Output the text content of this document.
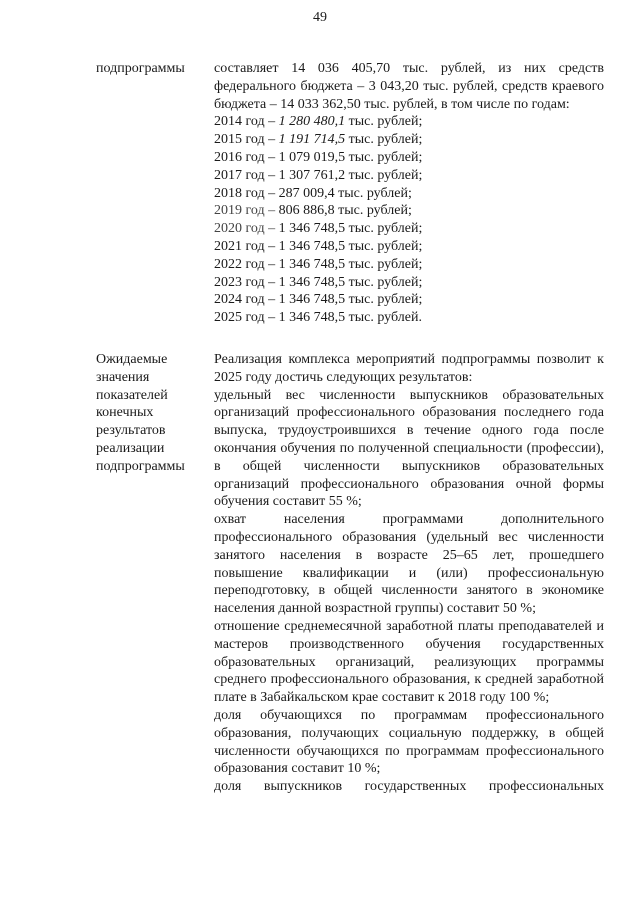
49
подпрограммы	составляет 14 036 405,70 тыс. рублей, из них средств федерального бюджета – 3 043,20 тыс. рублей, средств краевого бюджета – 14 033 362,50 тыс. рублей, в том числе по годам:

2014 год – 1 280 480,1 тыс. рублей;
2015 год – 1 191 714,5 тыс. рублей;
2016 год – 1 079 019,5 тыс. рублей;
2017 год – 1 307 761,2 тыс. рублей;
2018 год – 287 009,4 тыс. рублей;
2019 год – 806 886,8 тыс. рублей;
2020 год – 1 346 748,5 тыс. рублей;
2021 год – 1 346 748,5 тыс. рублей;
2022 год – 1 346 748,5 тыс. рублей;
2023 год – 1 346 748,5 тыс. рублей;
2024 год – 1 346 748,5 тыс. рублей;
2025 год – 1 346 748,5 тыс. рублей.
Ожидаемые
значения
показателей
конечных
результатов
реализации
подпрограммы

Реализация комплекса мероприятий подпрограммы позволит к 2025 году достичь следующих результатов:

удельный вес численности выпускников образовательных организаций профессионального образования последнего года выпуска, трудоустроившихся в течение одного года после окончания обучения по полученной специальности (профессии), в общей численности выпускников образовательных организаций профессионального образования очной формы обучения составит 55 %;

охват населения программами дополнительного профессионального образования (удельный вес численности занятого населения в возрасте 25–65 лет, прошедшего повышение квалификации и (или) профессиональную переподготовку, в общей численности занятого в экономике населения данной возрастной группы) составит 50 %;

отношение среднемесячной заработной платы преподавателей и мастеров производственного обучения государственных образовательных организаций, реализующих программы среднего профессионального образования, к средней заработной плате в Забайкальском крае составит к 2018 году 100 %;

доля обучающихся по программам профессионального образования, получающих социальную поддержку, в общей численности обучающихся по программам профессионального образования составит 10 %;

доля выпускников государственных профессиональных
